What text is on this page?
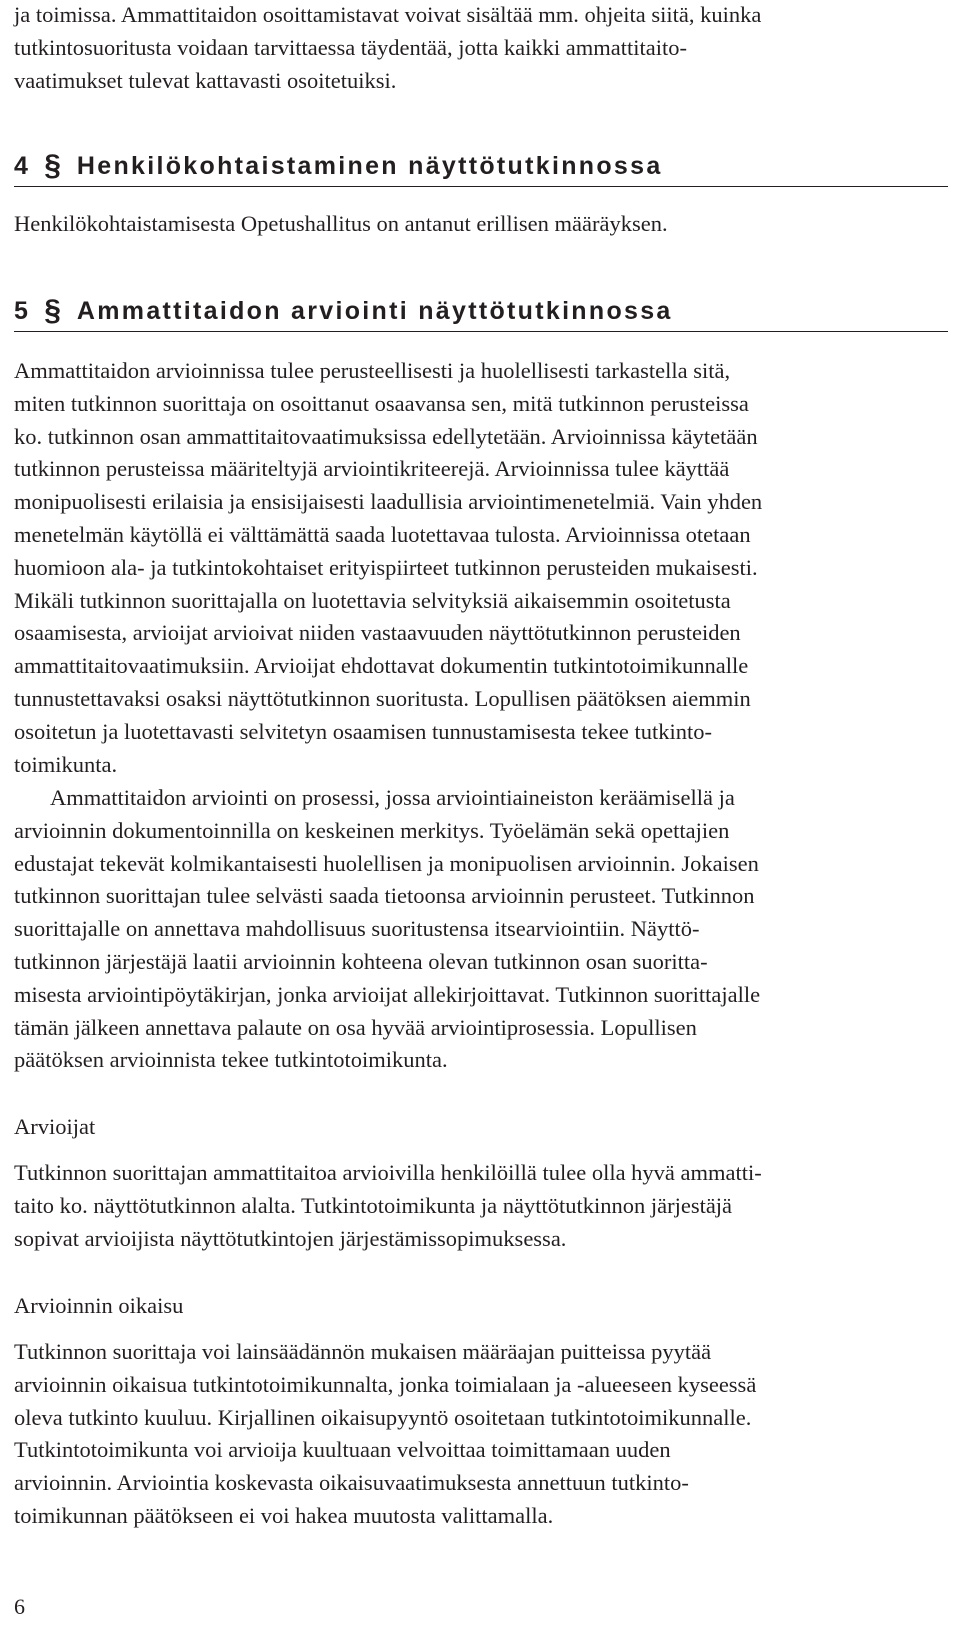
ja toimissa. Ammattitaidon osoittamistavat voivat sisältää mm. ohjeita siitä, kuinka

tutkintosuoritusta voidaan tarvittaessa täydentää, jotta kaikki ammattitaito-

vaatimukset tulevat kattavasti osoitetuiksi.

4 § Henkilökohtaistaminen näyttötutkinnossa

Henkilökohtaistamisesta Opetushallitus on antanut erillisen määräyksen.

5 § Ammattitaidon arviointi näyttötutkinnossa

Ammattitaidon arvioinnissa tulee perusteellisesti ja huolellisesti tarkastella sitä,

miten tutkinnon suorittaja on osoittanut osaavansa sen, mitä tutkinnon perusteissa

ko. tutkinnon osan ammattitaitovaatimuksissa edellytetään. Arvioinnissa käytetään

tutkinnon perusteissa määriteltyjä arviointikriteerejä. Arvioinnissa tulee käyttää

monipuolisesti erilaisia ja ensisijaisesti laadullisia arviointimenetelmiä. Vain yhden

menetelmän käytöllä ei välttämättä saada luotettavaa tulosta. Arvioinnissa otetaan

huomioon ala- ja tutkintokohtaiset erityispiirteet tutkinnon perusteiden mukaisesti.

Mikäli tutkinnon suorittajalla on luotettavia selvityksiä aikaisemmin osoitetusta

osaamisesta, arvioijat arvioivat niiden vastaavuuden näyttötutkinnon perusteiden

ammattitaitovaatimuksiin. Arvioijat ehdottavat dokumentin tutkintotoimikunnalle

tunnustettavaksi osaksi näyttötutkinnon suoritusta. Lopullisen päätöksen aiemmin

osoitetun ja luotettavasti selvitetyn osaamisen tunnustamisesta tekee tutkinto-

toimikunta.

Ammattitaidon arviointi on prosessi, jossa arviointiaineiston keräämisellä ja

arvioinnin dokumentoinnilla on keskeinen merkitys. Työelämän sekä opettajien

edustajat tekevät kolmikantaisesti huolellisen ja monipuolisen arvioinnin. Jokaisen

tutkinnon suorittajan tulee selvästi saada tietoonsa arvioinnin perusteet. Tutkinnon

suorittajalle on annettava mahdollisuus suoritustensa itsearviointiin. Näyttö-

tutkinnon järjestäjä laatii arvioinnin kohteena olevan tutkinnon osan suoritta-

misesta arviointipöytäkirjan, jonka arvioijat allekirjoittavat. Tutkinnon suorittajalle

tämän jälkeen annettava palaute on osa hyvää arviointiprosessia. Lopullisen

päätöksen arvioinnista tekee tutkintotoimikunta.

Arvioijat

Tutkinnon suorittajan ammattitaitoa arvioivilla henkilöillä tulee olla hyvä ammatti-

taito ko. näyttötutkinnon alalta. Tutkintotoimikunta ja näyttötutkinnon järjestäjä

sopivat arvioijista näyttötutkintojen järjestämissopimuksessa.

Arvioinnin oikaisu

Tutkinnon suorittaja voi lainsäädännön mukaisen määräajan puitteissa pyytää

arvioinnin oikaisua tutkintotoimikunnalta, jonka toimialaan ja -alueeseen kyseessä

oleva tutkinto kuuluu. Kirjallinen oikaisupyyntö osoitetaan tutkintotoimikunnalle.

Tutkintotoimikunta voi arvioija kuultuaan velvoittaa toimittamaan uuden

arvioinnin. Arviointia koskevasta oikaisuvaatimuksesta annettuun tutkinto-

toimikunnan päätökseen ei voi hakea muutosta valittamalla.

6
